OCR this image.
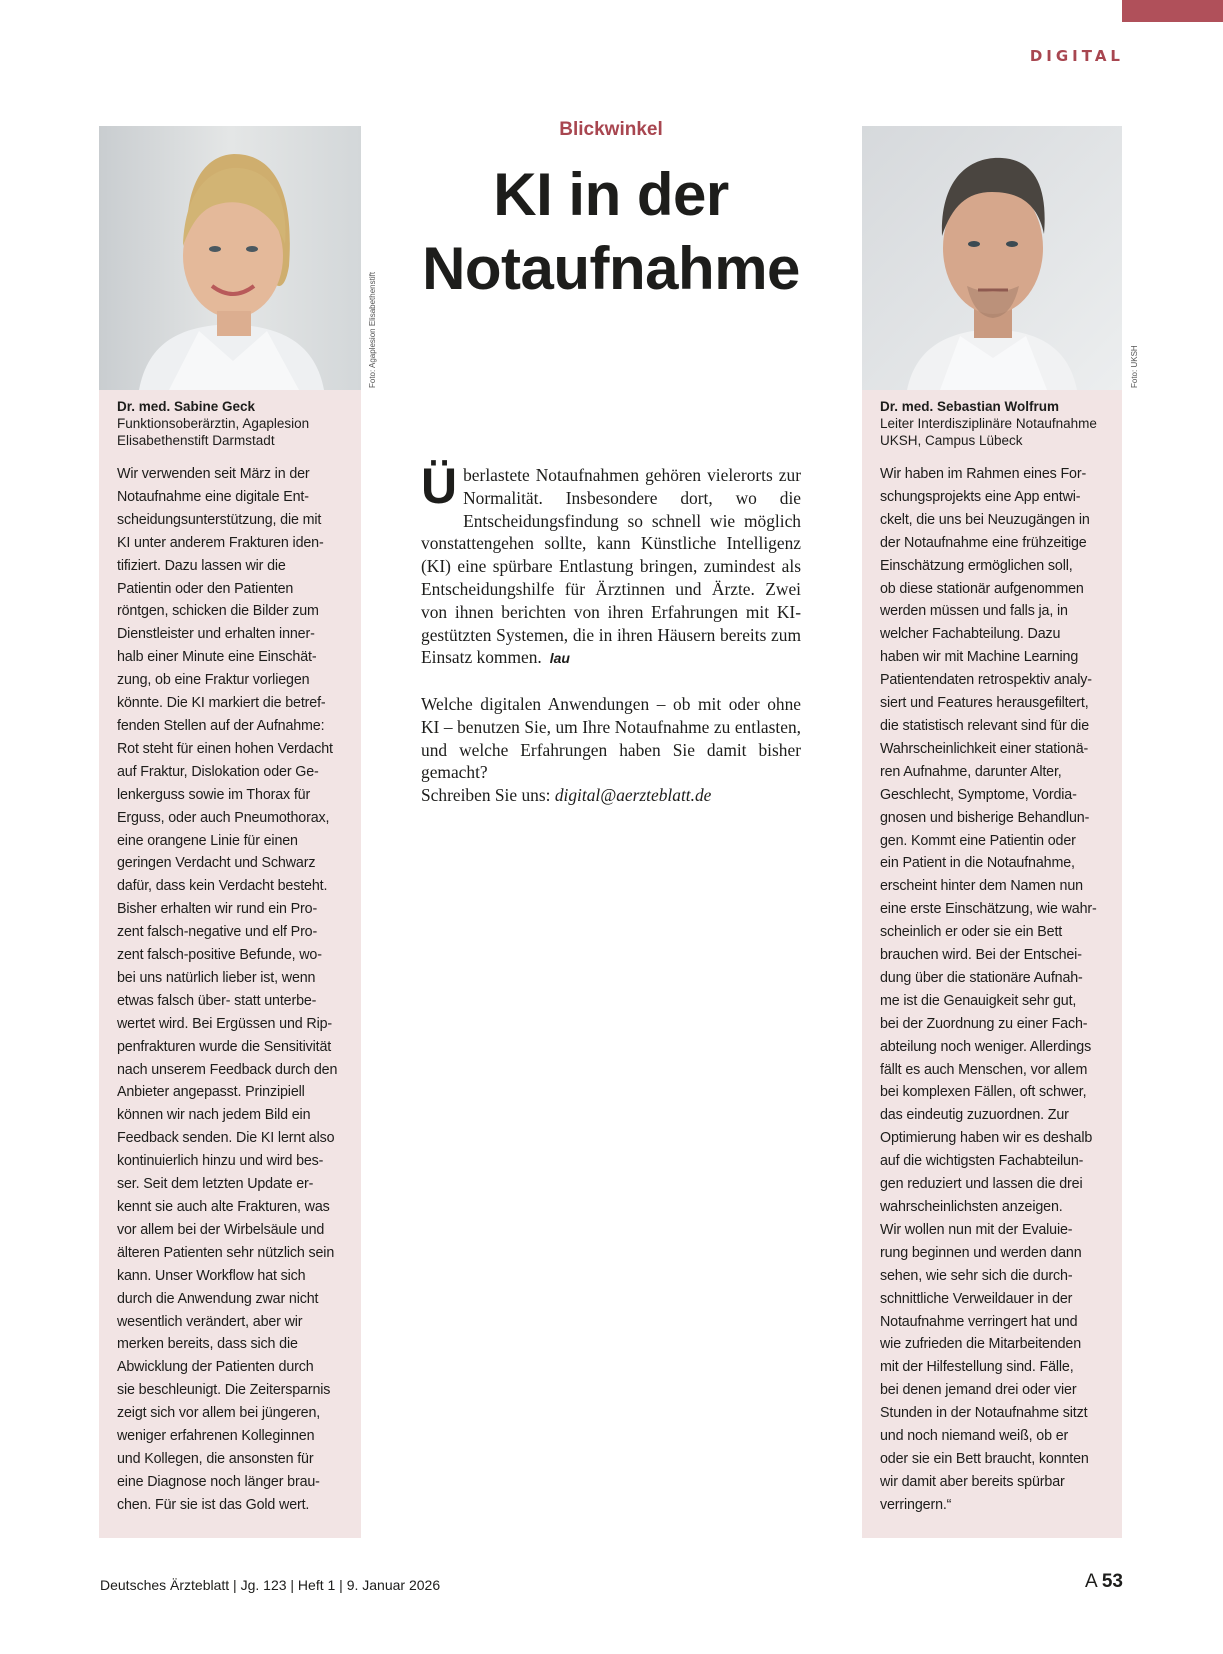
DIGITAL
Foto: Agaplesion Elisabethenstift
Dr. med. Sabine Geck
Funktionsoberärztin, Agaplesion Elisabethenstift Darmstadt
Wir verwenden seit März in der
Notaufnahme eine digitale Ent-
scheidungsunterstützung, die mit
KI unter anderem Frakturen iden-
tifiziert. Dazu lassen wir die
Patientin oder den Patienten
röntgen, schicken die Bilder zum
Dienstleister und erhalten inner-
halb einer Minute eine Einschät-
zung, ob eine Fraktur vorliegen
könnte. Die KI markiert die betref-
fenden Stellen auf der Aufnahme:
Rot steht für einen hohen Verdacht
auf Fraktur, Dislokation oder Ge-
lenkerguss sowie im Thorax für
Erguss, oder auch Pneumothorax,
eine orangene Linie für einen
geringen Verdacht und Schwarz
dafür, dass kein Verdacht besteht.
Bisher erhalten wir rund ein Pro-
zent falsch-negative und elf Pro-
zent falsch-positive Befunde, wo-
bei uns natürlich lieber ist, wenn
etwas falsch über- statt unterbe-
wertet wird. Bei Ergüssen und Rip-
penfrakturen wurde die Sensitivität
nach unserem Feedback durch den
Anbieter angepasst. Prinzipiell
können wir nach jedem Bild ein
Feedback senden. Die KI lernt also
kontinuierlich hinzu und wird bes-
ser. Seit dem letzten Update er-
kennt sie auch alte Frakturen, was
vor allem bei der Wirbelsäule und
älteren Patienten sehr nützlich sein
kann. Unser Workflow hat sich
durch die Anwendung zwar nicht
wesentlich verändert, aber wir
merken bereits, dass sich die
Abwicklung der Patienten durch
sie beschleunigt. Die Zeitersparnis
zeigt sich vor allem bei jüngeren,
weniger erfahrenen Kolleginnen
und Kollegen, die ansonsten für
eine Diagnose noch länger brau-
chen. Für sie ist das Gold wert.
Blickwinkel
KI in der Notaufnahme
Überlastete Notaufnahmen gehören vielerorts zur Normalität. Insbesondere dort, wo die Entscheidungsfindung so schnell wie möglich vonstattengehen sollte, kann Künstliche Intelligenz (KI) eine spürbare Entlastung bringen, zumindest als Entscheidungshilfe für Ärztinnen und Ärzte. Zwei von ihnen berichten von ihren Erfahrungen mit KI-gestützten Systemen, die in ihren Häusern bereits zum Einsatz kommen. lau
Welche digitalen Anwendungen – ob mit oder ohne KI – benutzen Sie, um Ihre Notaufnahme zu entlasten, und welche Erfahrungen haben Sie damit bisher gemacht?
Schreiben Sie uns: digital@aerzteblatt.de
Foto: UKSH
Dr. med. Sebastian Wolfrum
Leiter Interdisziplinäre Notaufnahme UKSH, Campus Lübeck
Wir haben im Rahmen eines For-
schungsprojekts eine App entwi-
ckelt, die uns bei Neuzugängen in
der Notaufnahme eine frühzeitige
Einschätzung ermöglichen soll,
ob diese stationär aufgenommen
werden müssen und falls ja, in
welcher Fachabteilung. Dazu
haben wir mit Machine Learning
Patientendaten retrospektiv analy-
siert und Features herausgefiltert,
die statistisch relevant sind für die
Wahrscheinlichkeit einer stationä-
ren Aufnahme, darunter Alter,
Geschlecht, Symptome, Vordia-
gnosen und bisherige Behandlun-
gen. Kommt eine Patientin oder
ein Patient in die Notaufnahme,
erscheint hinter dem Namen nun
eine erste Einschätzung, wie wahr-
scheinlich er oder sie ein Bett
brauchen wird. Bei der Entschei-
dung über die stationäre Aufnah-
me ist die Genauigkeit sehr gut,
bei der Zuordnung zu einer Fach-
abteilung noch weniger. Allerdings
fällt es auch Menschen, vor allem
bei komplexen Fällen, oft schwer,
das eindeutig zuzuordnen. Zur
Optimierung haben wir es deshalb
auf die wichtigsten Fachabteilun-
gen reduziert und lassen die drei
wahrscheinlichsten anzeigen.
Wir wollen nun mit der Evaluie-
rung beginnen und werden dann
sehen, wie sehr sich die durch-
schnittliche Verweildauer in der
Notaufnahme verringert hat und
wie zufrieden die Mitarbeitenden
mit der Hilfestellung sind. Fälle,
bei denen jemand drei oder vier
Stunden in der Notaufnahme sitzt
und noch niemand weiß, ob er
oder sie ein Bett braucht, konnten
wir damit aber bereits spürbar
verringern.“
Deutsches Ärzteblatt | Jg. 123 | Heft 1 | 9. Januar 2026	A 53
